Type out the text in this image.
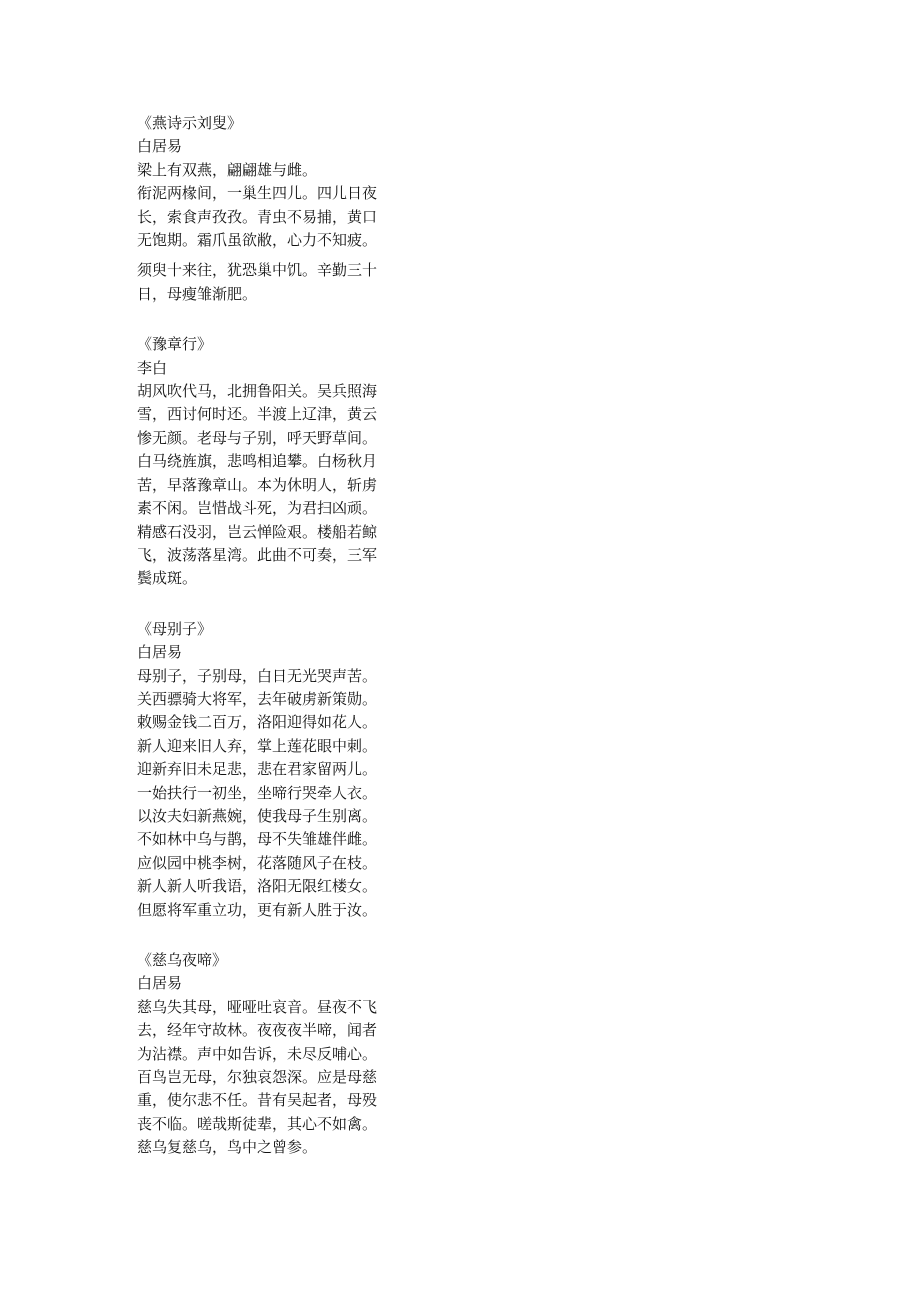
《燕诗示刘叟》
白居易
梁上有双燕，翩翩雄与雌。
衔泥两椽间，一巢生四儿。四儿日夜
长，索食声孜孜。青虫不易捕，黄口
无饱期。霜爪虽欲敝，心力不知疲。
须臾十来往，犹恐巢中饥。辛勤三十
日，母瘦雏渐肥。
《豫章行》
李白
胡风吹代马，北拥鲁阳关。吴兵照海
雪，西讨何时还。半渡上辽津，黄云
惨无颜。老母与子别，呼天野草间。
白马绕旌旗，悲鸣相追攀。白杨秋月
苦，早落豫章山。本为休明人，斩虏
素不闲。岂惜战斗死，为君扫凶顽。
精感石没羽，岂云惮险艰。楼船若鲸
飞，波荡落星湾。此曲不可奏，三军
鬓成斑。
《母别子》
白居易
母别子，子别母，白日无光哭声苦。
关西骠骑大将军，去年破虏新策勋。
敕赐金钱二百万，洛阳迎得如花人。
新人迎来旧人弃，掌上莲花眼中刺。
迎新弃旧未足悲，悲在君家留两儿。
一始扶行一初坐，坐啼行哭牵人衣。
以汝夫妇新燕婉，使我母子生别离。
不如林中乌与鹊，母不失雏雄伴雌。
应似园中桃李树，花落随风子在枝。
新人新人听我语，洛阳无限红楼女。
但愿将军重立功，更有新人胜于汝。
《慈乌夜啼》
白居易
慈乌失其母，哑哑吐哀音。昼夜不飞
去，经年守故林。夜夜夜半啼，闻者
为沾襟。声中如告诉，未尽反哺心。
百鸟岂无母，尔独哀怨深。应是母慈
重，使尔悲不任。昔有吴起者，母殁
丧不临。嗟哉斯徒辈，其心不如禽。
慈乌复慈乌，鸟中之曾参。
